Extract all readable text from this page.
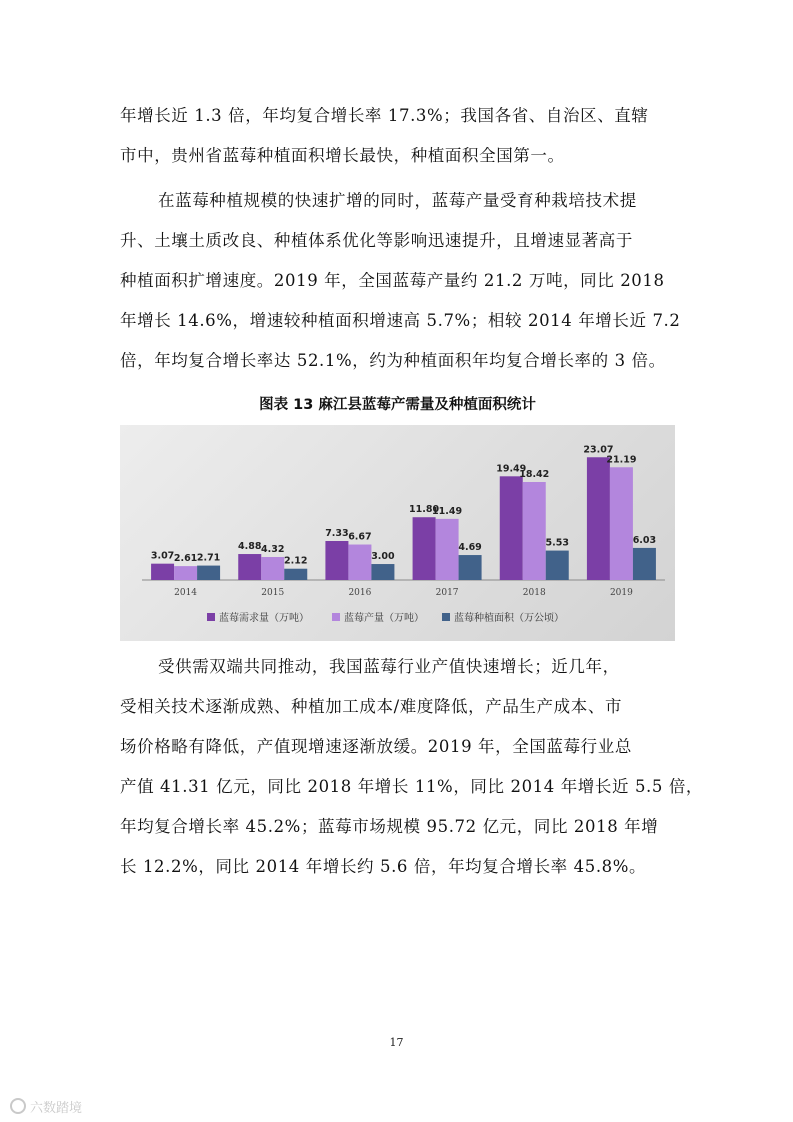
年增长近 1.3 倍，年均复合增长率 17.3%；我国各省、自治区、直辖
市中，贵州省蓝莓种植面积增长最快，种植面积全国第一。

在蓝莓种植规模的快速扩增的同时，蓝莓产量受育种栽培技术提
升、土壤土质改良、种植体系优化等影响迅速提升，且增速显著高于
种植面积扩增速度。2019 年，全国蓝莓产量约 21.2 万吨，同比 2018
年增长 14.6%，增速较种植面积增速高 5.7%；相较 2014 年增长近 7.2
倍，年均复合增长率达 52.1%，约为种植面积年均复合增长率的 3 倍。

图表 13 麻江县蓝莓产需量及种植面积统计
3.07 2.61 2.71
2014
4.88 4.32
2.12
2015
7.33 6.67
3.00
2016
11.80
11.49
4.69
2017
19.49
18.42
5.53
2018
23.07
21.19
6.03
2019
蓝莓需求量（万吨）	蓝莓产量（万吨）	蓝莓种植面积（万公顷）

受供需双端共同推动，我国蓝莓行业产值快速增长；近几年，
受相关技术逐渐成熟、种植加工成本/难度降低，产品生产成本、市
场价格略有降低，产值现增速逐渐放缓。2019 年，全国蓝莓行业总
产值 41.31 亿元，同比 2018 年增长 11%，同比 2014 年增长近 5.5 倍，
年均复合增长率 45.2%；蓝莓市场规模 95.72 亿元，同比 2018 年增
长 12.2%，同比 2014 年增长约 5.6 倍，年均复合增长率 45.8%。

17
六数踏境
